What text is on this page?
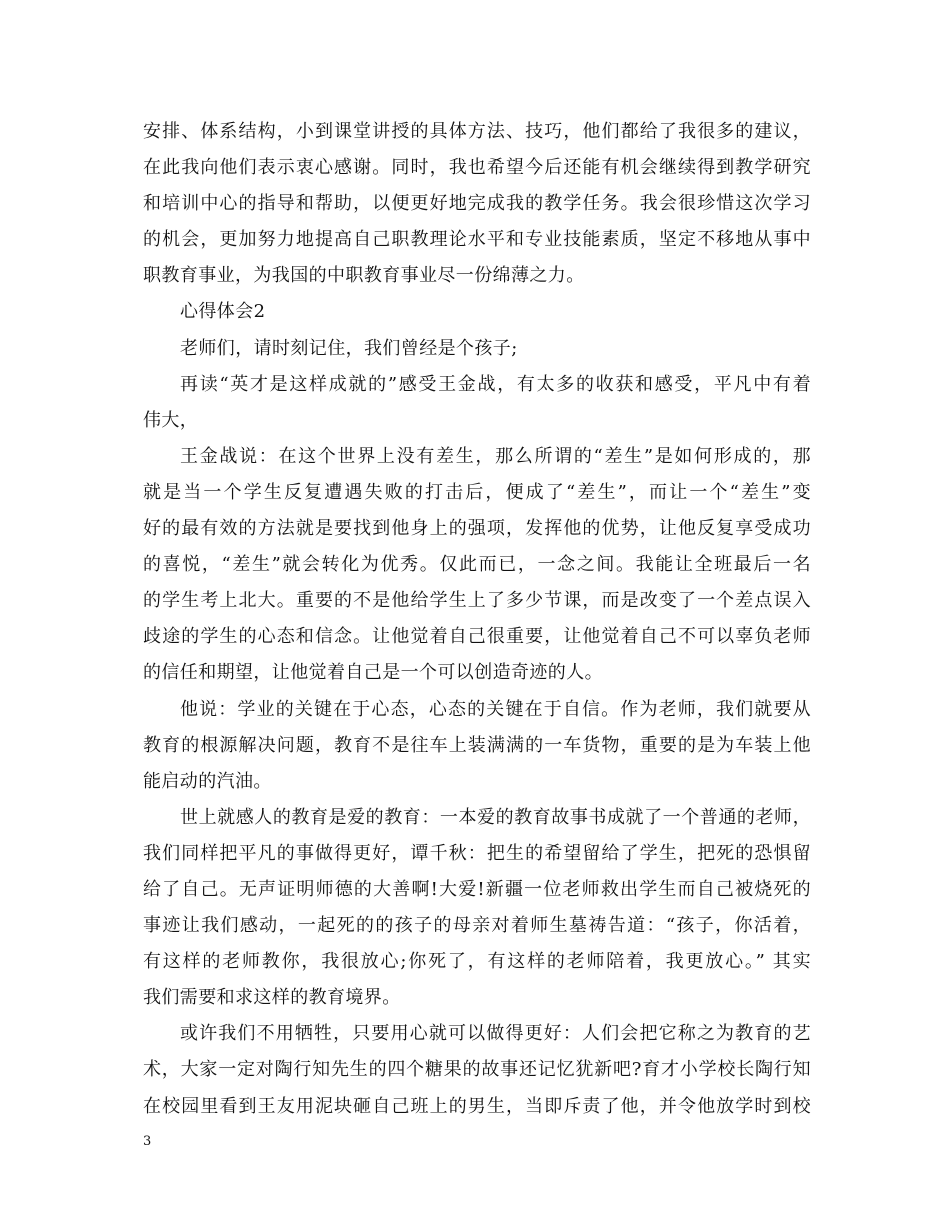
安排、体系结构，小到课堂讲授的具体方法、技巧，他们都给了我很多的建议，
在此我向他们表示衷心感谢。同时，我也希望今后还能有机会继续得到教学研究
和培训中心的指导和帮助，以便更好地完成我的教学任务。我会很珍惜这次学习
的机会，更加努力地提高自己职教理论水平和专业技能素质，坚定不移地从事中
职教育事业，为我国的中职教育事业尽一份绵薄之力。
心得体会2
老师们，请时刻记住，我们曾经是个孩子;
再读“英才是这样成就的”感受王金战，有太多的收获和感受，平凡中有着
伟大，
王金战说：在这个世界上没有差生，那么所谓的“差生”是如何形成的，那
就是当一个学生反复遭遇失败的打击后，便成了“差生”，而让一个“差生”变
好的最有效的方法就是要找到他身上的强项，发挥他的优势，让他反复享受成功
的喜悦，“差生”就会转化为优秀。仅此而已，一念之间。我能让全班最后一名
的学生考上北大。重要的不是他给学生上了多少节课，而是改变了一个差点误入
歧途的学生的心态和信念。让他觉着自己很重要，让他觉着自己不可以辜负老师
的信任和期望，让他觉着自己是一个可以创造奇迹的人。
他说：学业的关键在于心态，心态的关键在于自信。作为老师，我们就要从
教育的根源解决问题，教育不是往车上装满满的一车货物，重要的是为车装上他
能启动的汽油。
世上就感人的教育是爱的教育：一本爱的教育故事书成就了一个普通的老师，
我们同样把平凡的事做得更好，谭千秋：把生的希望留给了学生，把死的恐惧留
给了自己。无声证明师德的大善啊!大爱!新疆一位老师救出学生而自己被烧死的
事迹让我们感动，一起死的的孩子的母亲对着师生墓祷告道：“孩子，你活着，
有这样的老师教你，我很放心;你死了，有这样的老师陪着，我更放心。” 其实
我们需要和求这样的教育境界。
或许我们不用牺牲，只要用心就可以做得更好：人们会把它称之为教育的艺
术，大家一定对陶行知先生的四个糖果的故事还记忆犹新吧?育才小学校长陶行知
在校园里看到王友用泥块砸自己班上的男生，当即斥责了他，并令他放学时到校
3
